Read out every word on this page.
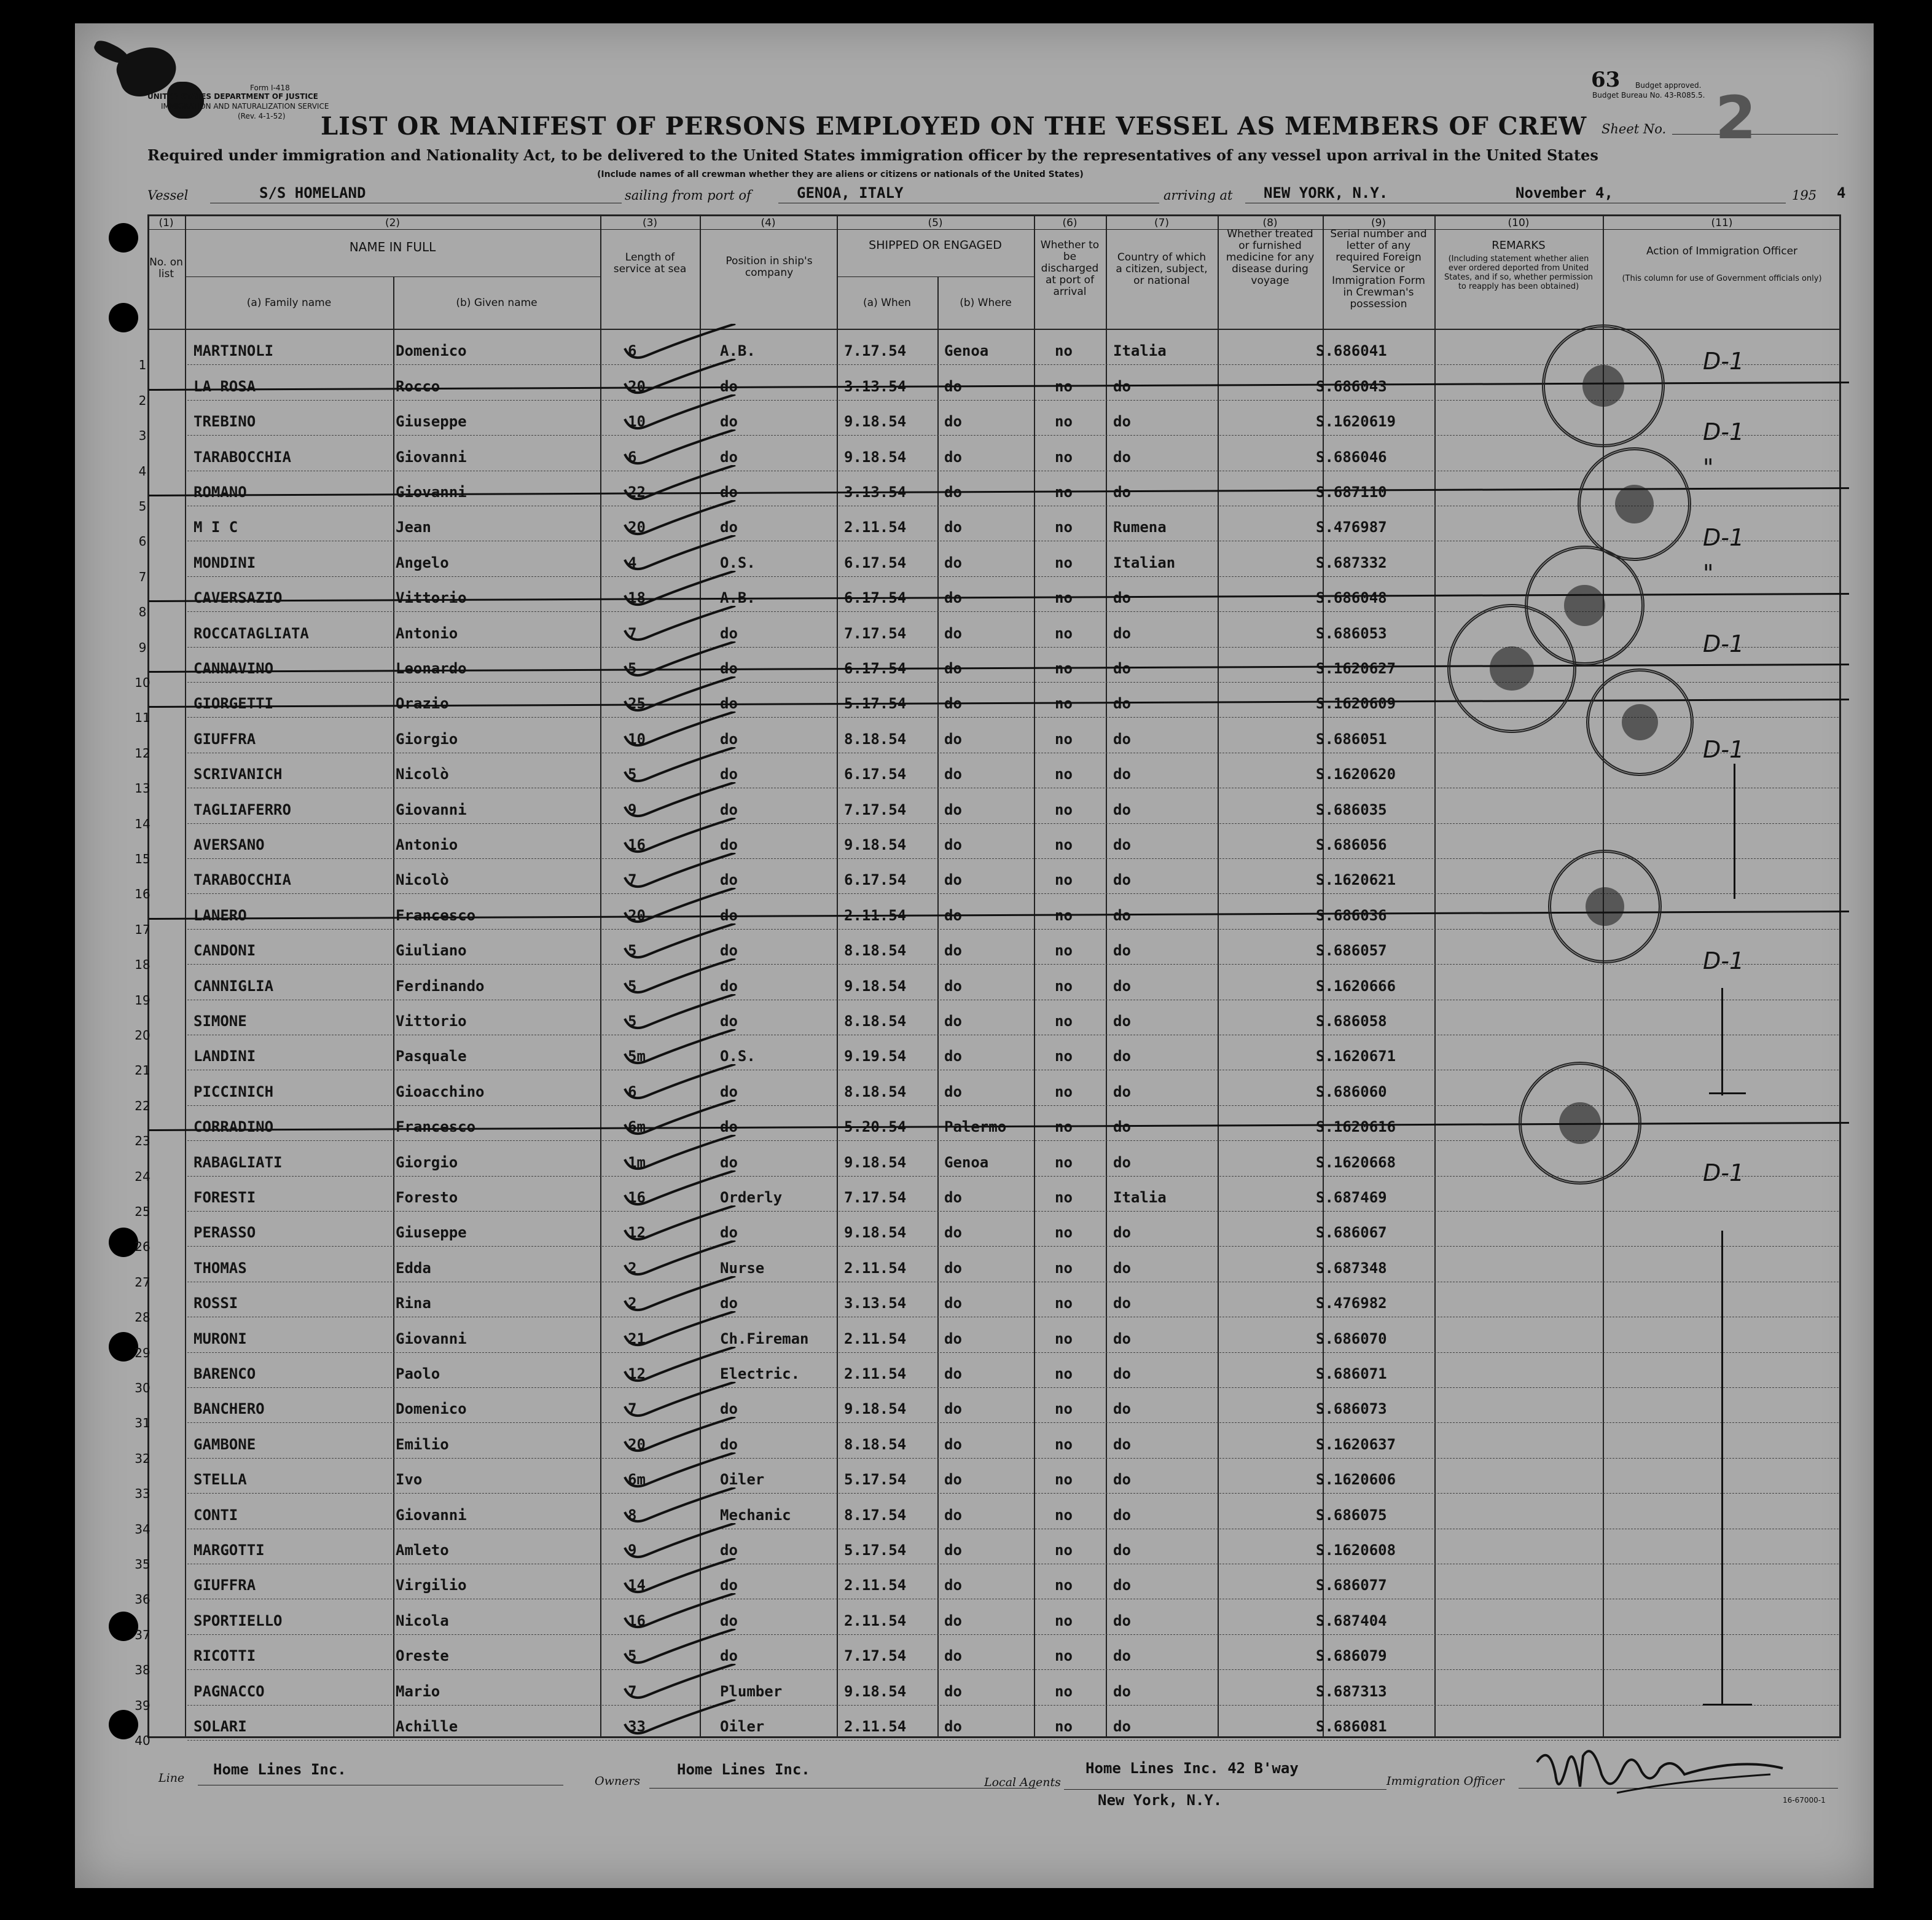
Form I-418
UNITED STATES DEPARTMENT OF JUSTICE
IMMIGRATION AND NATURALIZATION SERVICE
(Rev. 4-1-52)
63 Budget approved.
Budget Bureau No. 43-R085.5.
LIST OR MANIFEST OF PERSONS EMPLOYED ON THE VESSEL AS MEMBERS OF CREW Sheet No. 2
Required under immigration and Nationality Act, to be delivered to the United States immigration officer by the representatives of any vessel upon arrival in the United States
(Include names of all crewman whether they are aliens or citizens or nationals of the United States)
Vessel	S/S HOMELAND	sailing from port of	GENOA, ITALY	arriving at NEW YORK, N.Y.	November 4,	195 4
(1)
No. on list
(2)
NAME IN FULL
(a) Family name	(b) Given name
(3)
Length of service at sea
(4)
Position in ship's company
(5)
SHIPPED OR ENGAGED
(a) When	(b) Where
(6)
Whether to be discharged at port of arrival
(7)
Country of which a citizen, subject, or national
(8)
Whether treated or furnished medicine for any disease during voyage
(9)
Serial number and letter of any required Foreign Service or Immigration Form in Crewman's possession
(10)
REMARKS
(Including statement whether alien ever ordered deported from United States, and if so, whether permission to reapply has been obtained)
(11)
Action of Immigration Officer
(This column for use of Government officials only)
1
MARTINOLI	Domenico	6	A.B.	7.17.54	Genoa	no	Italia	S.686041	D-1
2
LA ROSA	Rocco	20	do	3.13.54	do	no	do	S.686043
3
TREBINO	Giuseppe	10	do	9.18.54	do	no	do	S.1620619	D-1
4
TARABOCCHIA	Giovanni	6	do	9.18.54	do	no	do	S.686046	"
5
ROMANO	Giovanni	22	do	3.13.54	do	no	do	S.687110
6
M I C	Jean	20	do	2.11.54	do	no	Rumena	S.476987	D-1
7
MONDINI	Angelo	4	O.S.	6.17.54	do	no	Italian	S.687332	"
8
CAVERSAZIO	Vittorio	18	A.B.	6.17.54	do	no	do	S.686048
9
ROCCATAGLIATA	Antonio	7	do	7.17.54	do	no	do	S.686053	D-1
10
CANNAVINO	Leonardo	5	do	6.17.54	do	no	do	S.1620627
11
GIORGETTI	Orazio	25	do	5.17.54	do	no	do	S.1620609
12
GIUFFRA	Giorgio	10	do	8.18.54	do	no	do	S.686051	D-1
13
SCRIVANICH	Nicolò	5	do	6.17.54	do	no	do	S.1620620
14
TAGLIAFERRO	Giovanni	9	do	7.17.54	do	no	do	S.686035
15
AVERSANO	Antonio	16	do	9.18.54	do	no	do	S.686056
16
TARABOCCHIA	Nicolò	7	do	6.17.54	do	no	do	S.1620621
17
LANERO	Francesco	20	do	2.11.54	do	no	do	S.686036
18
CANDONI	Giuliano	5	do	8.18.54	do	no	do	S.686057	D-1
19
CANNIGLIA	Ferdinando	5	do	9.18.54	do	no	do	S.1620666
20
SIMONE	Vittorio	5	do	8.18.54	do	no	do	S.686058
21
LANDINI	Pasquale	5m	O.S.	9.19.54	do	no	do	S.1620671
22
PICCINICH	Gioacchino	6	do	8.18.54	do	no	do	S.686060
23
CORRADINO	Francesco	6m	do	5.20.54	Palermo	no	do	S.1620616
24
RABAGLIATI	Giorgio	1m	do	9.18.54	Genoa	no	do	S.1620668	D-1
25
FORESTI	Foresto	16	Orderly	7.17.54	do	no	Italia	S.687469
26
PERASSO	Giuseppe	12	do	9.18.54	do	no	do	S.686067
27
THOMAS	Edda	2	Nurse	2.11.54	do	no	do	S.687348
28
ROSSI	Rina	2	do	3.13.54	do	no	do	S.476982
29
MURONI	Giovanni	21	Ch.Fireman 2.11.54	do	no	do	S.686070
30
BARENCO	Paolo	12	Electric.	2.11.54	do	no	do	S.686071
31
BANCHERO	Domenico	7	do	9.18.54	do	no	do	S.686073
32
GAMBONE	Emilio	20	do	8.18.54	do	no	do	S.1620637
33
STELLA	Ivo	6m	Oiler	5.17.54	do	no	do	S.1620606
34
CONTI	Giovanni	8	Mechanic	8.17.54	do	no	do	S.686075
35
MARGOTTI	Amleto	9	do	5.17.54	do	no	do	S.1620608
36
GIUFFRA	Virgilio	14	do	2.11.54	do	no	do	S.686077
37
SPORTIELLO	Nicola	16	do	2.11.54	do	no	do	S.687404
38
RICOTTI	Oreste	5	do	7.17.54	do	no	do	S.686079
39
PAGNACCO	Mario	7	Plumber	9.18.54	do	no	do	S.687313
40
SOLARI	Achille	33	Oiler	2.11.54	do	no	do	S.686081
Line Home Lines Inc.
Owners
Home Lines Inc.
Local Agents
Home Lines Inc. 42 B'way
New York, N.Y.
Immigration Officer
16-67000-1
